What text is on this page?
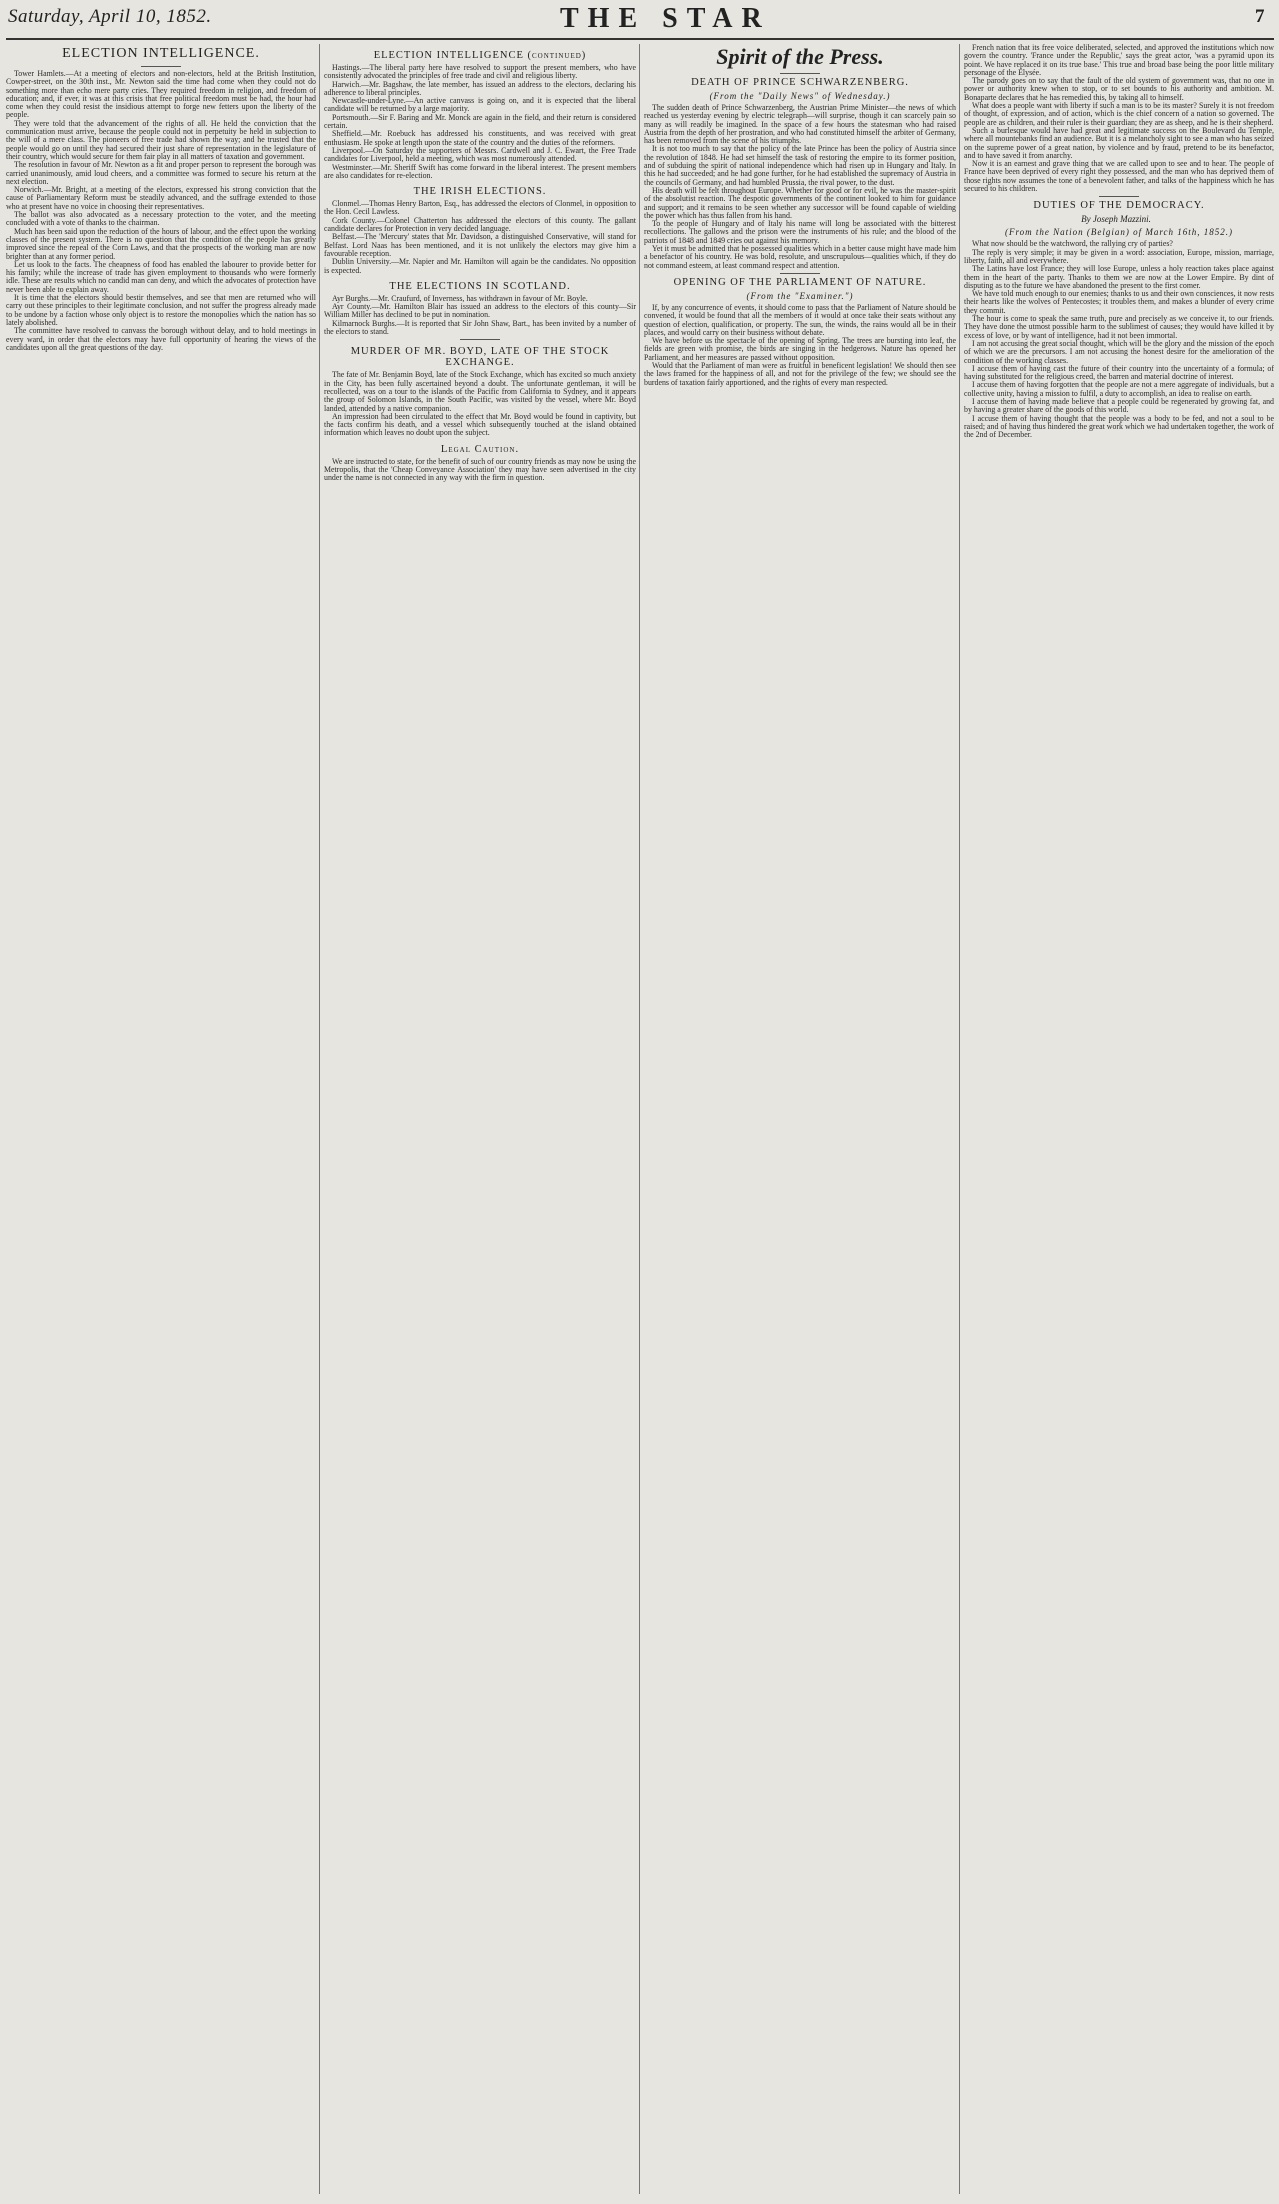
Saturday, April 10, 1852.	THE STAR	7
ELECTION INTELLIGENCE.

Tower Hamlets.—At a meeting of electors and non-electors, held at the British Institution, Cowper-street, on the 30th inst., Mr. Newton said the time had come when they could not do something more than echo mere party cries. They required freedom in religion, and freedom of education; and, if ever, it was at this crisis that free political freedom must be had, the hour had come when they could resist the insidious attempt to forge new fetters upon the liberty of the people.

They were told that the advancement of the rights of all. He held the conviction that the communication must arrive, because the people could not in perpetuity be held in subjection to the will of a mere class. The pioneers of free trade had shown the way; and he trusted that the people would go on until they had secured their just share of representation in the legislature of their country, which would secure for them fair play in all matters of taxation and government.

The resolution in favour of Mr. Newton as a fit and proper person to represent the borough was carried unanimously, amid loud cheers, and a committee was formed to secure his return at the next election.

Norwich.—Mr. Bright, at a meeting of the electors, expressed his strong conviction that the cause of Parliamentary Reform must be steadily advanced, and the suffrage extended to those who at present have no voice in choosing their representatives.

The ballot was also advocated as a necessary protection to the voter, and the meeting concluded with a vote of thanks to the chairman.

Much has been said upon the reduction of the hours of labour, and the effect upon the working classes of the present system. There is no question that the condition of the people has greatly improved since the repeal of the Corn Laws, and that the prospects of the working man are now brighter than at any former period.

Let us look to the facts. The cheapness of food has enabled the labourer to provide better for his family; while the increase of trade has given employment to thousands who were formerly idle. These are results which no candid man can deny, and which the advocates of protection have never been able to explain away.

It is time that the electors should bestir themselves, and see that men are returned who will carry out these principles to their legitimate conclusion, and not suffer the progress already made to be undone by a faction whose only object is to restore the monopolies which the nation has so lately abolished.

The committee have resolved to canvass the borough without delay, and to hold meetings in every ward, in order that the electors may have full opportunity of hearing the views of the candidates upon all the great questions of the day.

ELECTION INTELLIGENCE (continued)

Hastings.—The liberal party here have resolved to support the present members, who have consistently advocated the principles of free trade and civil and religious liberty.

Harwich.—Mr. Bagshaw, the late member, has issued an address to the electors, declaring his adherence to liberal principles.

Newcastle-under-Lyne.—An active canvass is going on, and it is expected that the liberal candidate will be returned by a large majority.

Portsmouth.—Sir F. Baring and Mr. Monck are again in the field, and their return is considered certain.

Sheffield.—Mr. Roebuck has addressed his constituents, and was received with great enthusiasm. He spoke at length upon the state of the country and the duties of the reformers.

Liverpool.—On Saturday the supporters of Messrs. Cardwell and J. C. Ewart, the Free Trade candidates for Liverpool, held a meeting, which was most numerously attended.

Westminster.—Mr. Sheriff Swift has come forward in the liberal interest. The present members are also candidates for re-election.

THE IRISH ELECTIONS.

Clonmel.—Thomas Henry Barton, Esq., has addressed the electors of Clonmel, in opposition to the Hon. Cecil Lawless.

Cork County.—Colonel Chatterton has addressed the electors of this county. The gallant candidate declares for Protection in very decided language.

Belfast.—The 'Mercury' states that Mr. Davidson, a distinguished Conservative, will stand for Belfast. Lord Naas has been mentioned, and it is not unlikely the electors may give him a favourable reception.

Dublin University.—Mr. Napier and Mr. Hamilton will again be the candidates. No opposition is expected.

THE ELECTIONS IN SCOTLAND.

Ayr Burghs.—Mr. Craufurd, of Inverness, has withdrawn in favour of Mr. Boyle.

Ayr County.—Mr. Hamilton Blair has issued an address to the electors of this county—Sir William Miller has declined to be put in nomination.

Kilmarnock Burghs.—It is reported that Sir John Shaw, Bart., has been invited by a number of the electors to stand.

MURDER OF MR. BOYD, LATE OF THE STOCK EXCHANGE.

The fate of Mr. Benjamin Boyd, late of the Stock Exchange, which has excited so much anxiety in the City, has been fully ascertained beyond a doubt. The unfortunate gentleman, it will be recollected, was on a tour to the islands of the Pacific from California to Sydney, and it appears the group of Solomon Islands, in the South Pacific, was visited by the vessel, where Mr. Boyd landed, attended by a native companion.

An impression had been circulated to the effect that Mr. Boyd would be found in captivity, but the facts confirm his death, and a vessel which subsequently touched at the island obtained information which leaves no doubt upon the subject.

Legal Caution.

We are instructed to state, for the benefit of such of our country friends as may now be using the Metropolis, that the 'Cheap Conveyance Association' they may have seen advertised in the city under the name is not connected in any way with the firm in question.

Spirit of the Press.
DEATH OF PRINCE SCHWARZENBERG.
(From the "Daily News" of Wednesday.)

The sudden death of Prince Schwarzenberg, the Austrian Prime Minister—the news of which reached us yesterday evening by electric telegraph—will surprise, though it can scarcely pain so many as will readily be imagined. In the space of a few hours the statesman who had raised Austria from the depth of her prostration, and who had constituted himself the arbiter of Germany, has been removed from the scene of his triumphs.

It is not too much to say that the policy of the late Prince has been the policy of Austria since the revolution of 1848. He had set himself the task of restoring the empire to its former position, and of subduing the spirit of national independence which had risen up in Hungary and Italy. In this he had succeeded; and he had gone further, for he had established the supremacy of Austria in the councils of Germany, and had humbled Prussia, the rival power, to the dust.

His death will be felt throughout Europe. Whether for good or for evil, he was the master-spirit of the absolutist reaction. The despotic governments of the continent looked to him for guidance and support; and it remains to be seen whether any successor will be found capable of wielding the power which has thus fallen from his hand.

To the people of Hungary and of Italy his name will long be associated with the bitterest recollections. The gallows and the prison were the instruments of his rule; and the blood of the patriots of 1848 and 1849 cries out against his memory.

Yet it must be admitted that he possessed qualities which in a better cause might have made him a benefactor of his country. He was bold, resolute, and unscrupulous—qualities which, if they do not command esteem, at least command respect and attention.

OPENING OF THE PARLIAMENT OF NATURE.
(From the "Examiner.")

If, by any concurrence of events, it should come to pass that the Parliament of Nature should be convened, it would be found that all the members of it would at once take their seats without any question of election, qualification, or property. The sun, the winds, the rains would all be in their places, and would carry on their business without debate.

We have before us the spectacle of the opening of Spring. The trees are bursting into leaf, the fields are green with promise, the birds are singing in the hedgerows. Nature has opened her Parliament, and her measures are passed without opposition.

Would that the Parliament of man were as fruitful in beneficent legislation! We should then see the laws framed for the happiness of all, and not for the privilege of the few; we should see the burdens of taxation fairly apportioned, and the rights of every man respected.

French nation that its free voice deliberated, selected, and approved the institutions which now govern the country. 'France under the Republic,' says the great actor, 'was a pyramid upon its point. We have replaced it on its true base.' This true and broad base being the poor little military personage of the Elysée.

The parody goes on to say that the fault of the old system of government was, that no one in power or authority knew when to stop, or to set bounds to his authority and ambition. M. Bonaparte declares that he has remedied this, by taking all to himself.

What does a people want with liberty if such a man is to be its master? Surely it is not freedom of thought, of expression, and of action, which is the chief concern of a nation so governed. The people are as children, and their ruler is their guardian; they are as sheep, and he is their shepherd.

Such a burlesque would have had great and legitimate success on the Boulevard du Temple, where all mountebanks find an audience. But it is a melancholy sight to see a man who has seized on the supreme power of a great nation, by violence and by fraud, pretend to be its benefactor, and to have saved it from anarchy.

Now it is an earnest and grave thing that we are called upon to see and to hear. The people of France have been deprived of every right they possessed, and the man who has deprived them of those rights now assumes the tone of a benevolent father, and talks of the happiness which he has secured to his children.

DUTIES OF THE DEMOCRACY.
By Joseph Mazzini.
(From the Nation (Belgian) of March 16th, 1852.)

What now should be the watchword, the rallying cry of parties?

The reply is very simple; it may be given in a word: association, Europe, mission, marriage, liberty, faith, all and everywhere.

The Latins have lost France; they will lose Europe, unless a holy reaction takes place against them in the heart of the party. Thanks to them we are now at the Lower Empire. By dint of disputing as to the future we have abandoned the present to the first comer.

We have told much enough to our enemies; thanks to us and their own consciences, it now rests their hearts like the wolves of Pentecostes; it troubles them, and makes a blunder of every crime they commit.

The hour is come to speak the same truth, pure and precisely as we conceive it, to our friends. They have done the utmost possible harm to the sublimest of causes; they would have killed it by excess of love, or by want of intelligence, had it not been immortal.

I am not accusing the great social thought, which will be the glory and the mission of the epoch of which we are the precursors. I am not accusing the honest desire for the amelioration of the condition of the working classes.

I accuse them of having cast the future of their country into the uncertainty of a formula; of having substituted for the religious creed, the barren and material doctrine of interest.

I accuse them of having forgotten that the people are not a mere aggregate of individuals, but a collective unity, having a mission to fulfil, a duty to accomplish, an idea to realise on earth.

I accuse them of having made believe that a people could be regenerated by growing fat, and by having a greater share of the goods of this world.

I accuse them of having thought that the people was a body to be fed, and not a soul to be raised; and of having thus hindered the great work which we had undertaken together, the work of the 2nd of December.
